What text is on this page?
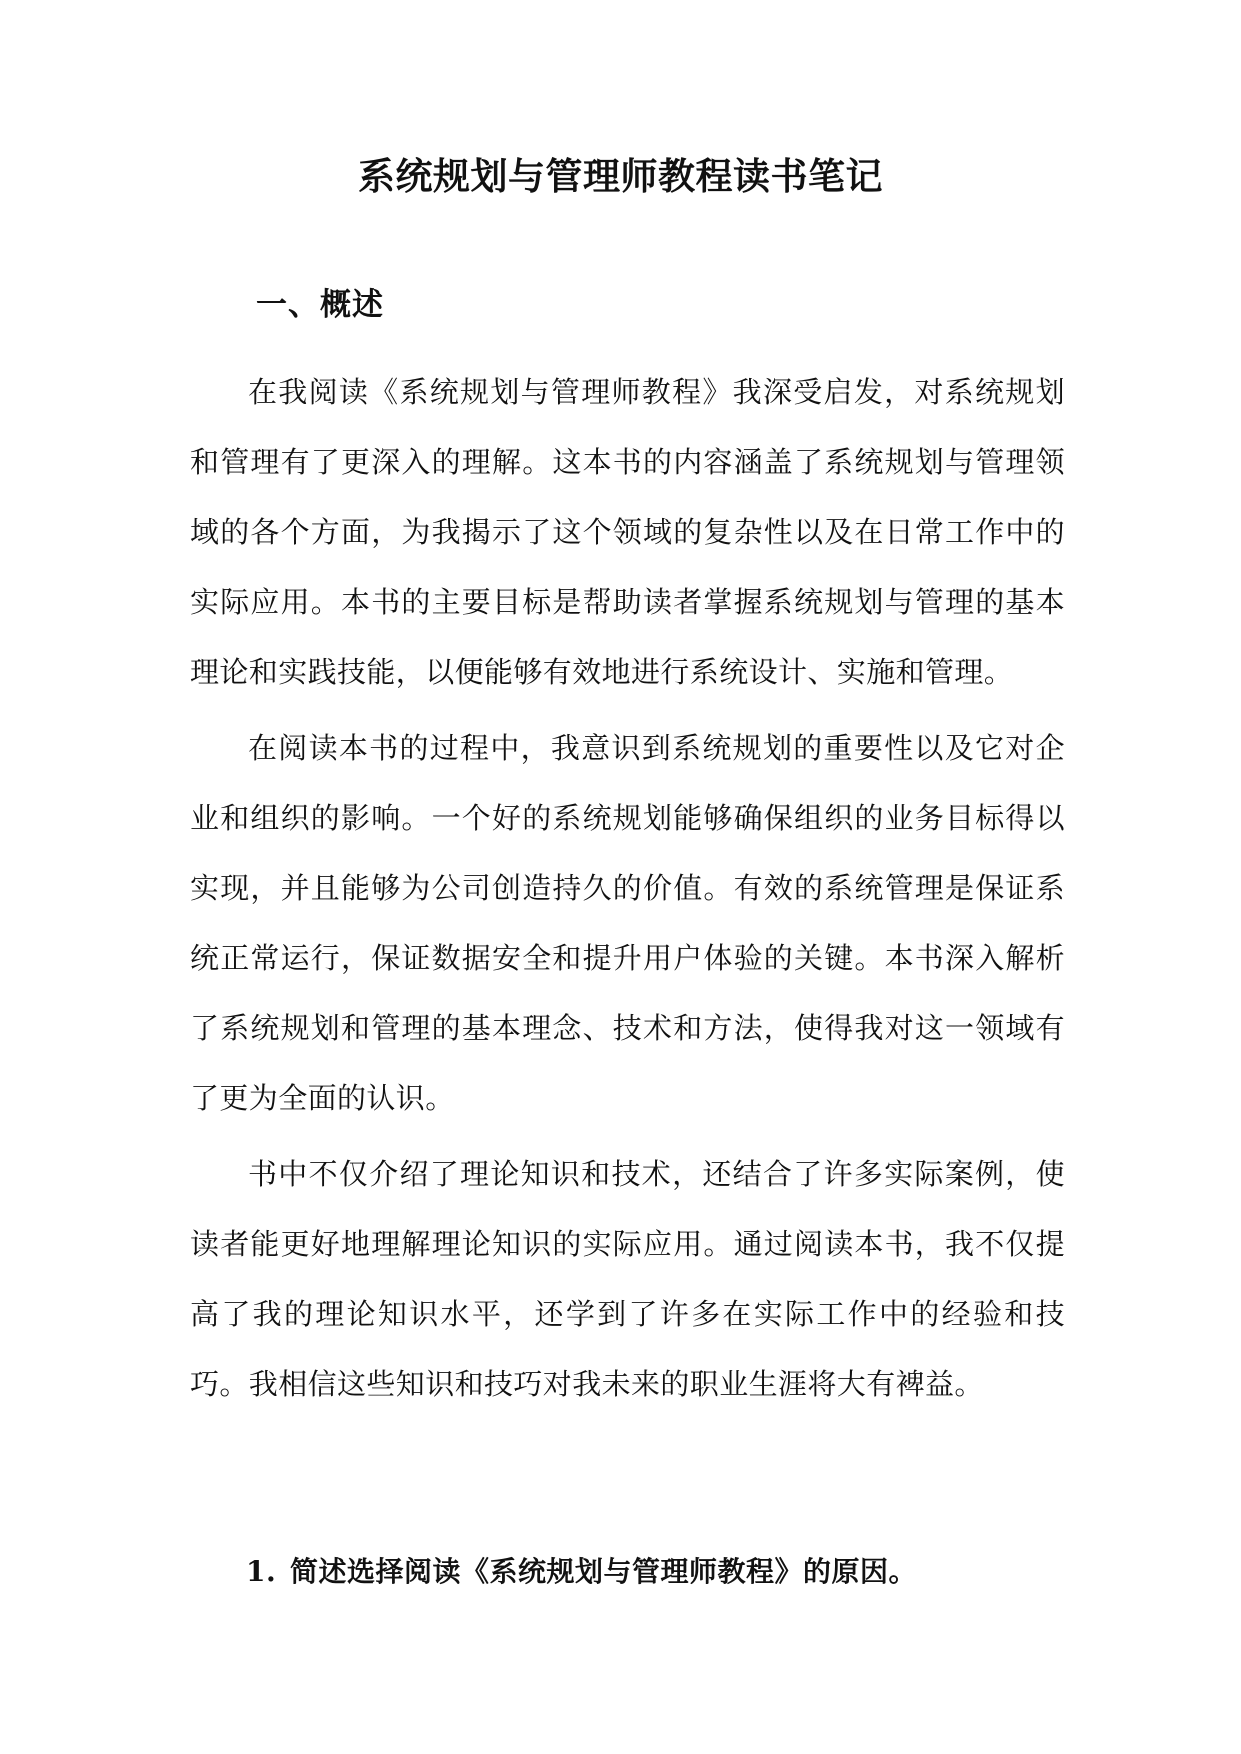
系统规划与管理师教程读书笔记
一、概述

在我阅读《系统规划与管理师教程》我深受启发，对系统规划和管理有了更深入的理解。这本书的内容涵盖了系统规划与管理领域的各个方面，为我揭示了这个领域的复杂性以及在日常工作中的实际应用。本书的主要目标是帮助读者掌握系统规划与管理的基本理论和实践技能，以便能够有效地进行系统设计、实施和管理。

在阅读本书的过程中，我意识到系统规划的重要性以及它对企业和组织的影响。一个好的系统规划能够确保组织的业务目标得以实现，并且能够为公司创造持久的价值。有效的系统管理是保证系统正常运行，保证数据安全和提升用户体验的关键。本书深入解析了系统规划和管理的基本理念、技术和方法，使得我对这一领域有了更为全面的认识。

书中不仅介绍了理论知识和技术，还结合了许多实际案例，使读者能更好地理解理论知识的实际应用。通过阅读本书，我不仅提高了我的理论知识水平，还学到了许多在实际工作中的经验和技巧。我相信这些知识和技巧对我未来的职业生涯将大有裨益。

1. 简述选择阅读《系统规划与管理师教程》的原因。
